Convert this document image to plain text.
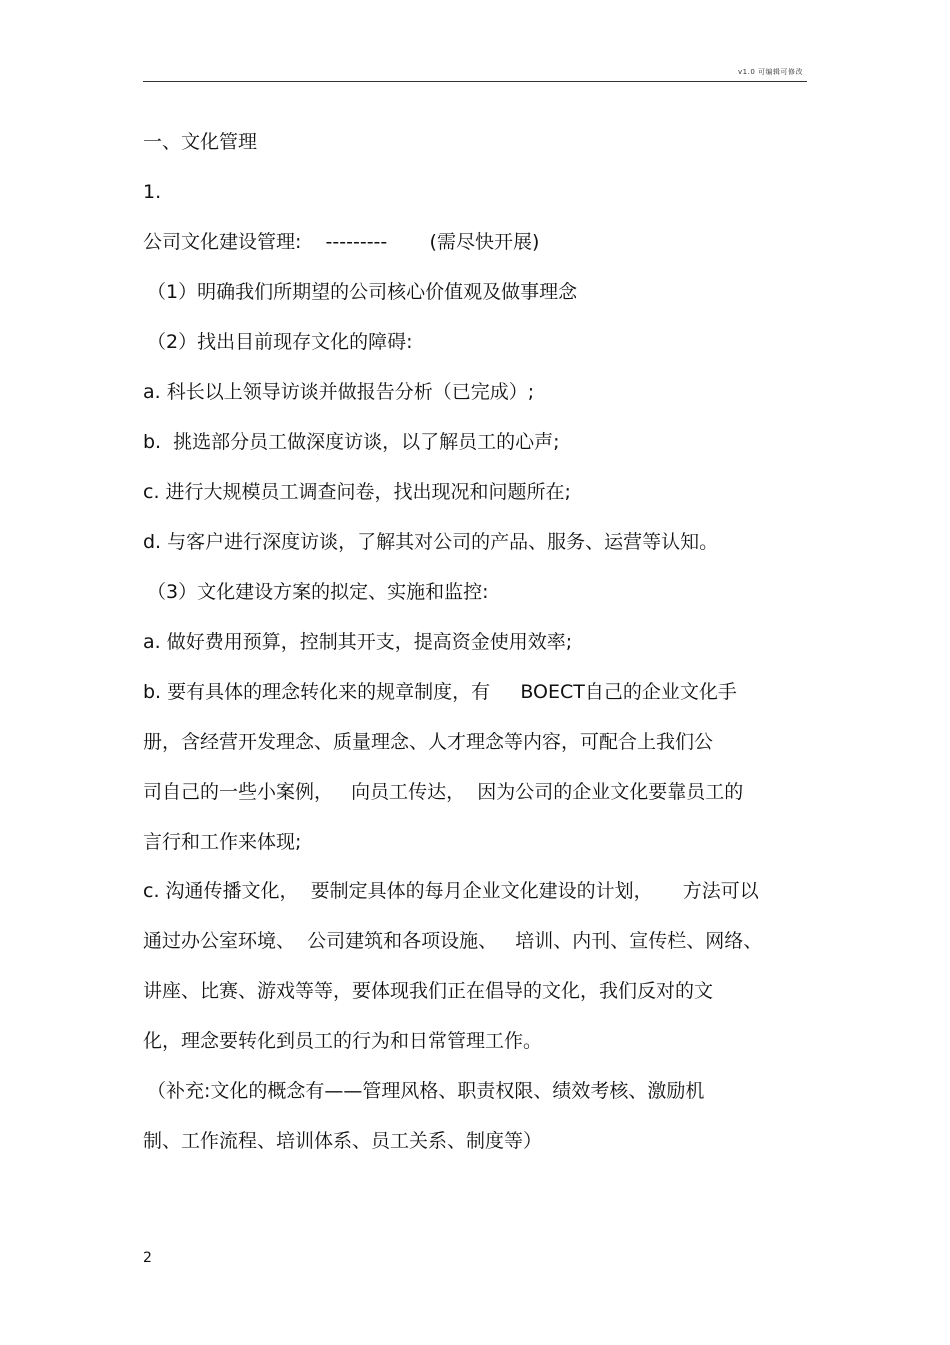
v1.0 可编辑可修改
一、文化管理
1.
公司文化建设管理:    ---------       (需尽快开展)
（1）明确我们所期望的公司核心价值观及做事理念
（2）找出目前现存文化的障碍:
a. 科长以上领导访谈并做报告分析（已完成）;
b.  挑选部分员工做深度访谈，以了解员工的心声;
c. 进行大规模员工调查问卷，找出现况和问题所在;
d. 与客户进行深度访谈，了解其对公司的产品、服务、运营等认知。
（3）文化建设方案的拟定、实施和监控:
a. 做好费用预算，控制其开支，提高资金使用效率;
b. 要有具体的理念转化来的规章制度，有     BOECT自己的企业文化手
册，含经营开发理念、质量理念、人才理念等内容，可配合上我们公
司自己的一些小案例，   向员工传达，  因为公司的企业文化要靠员工的
言行和工作来体现;
c. 沟通传播文化，  要制定具体的每月企业文化建设的计划，     方法可以
通过办公室环境、  公司建筑和各项设施、   培训、内刊、宣传栏、网络、
讲座、比赛、游戏等等，要体现我们正在倡导的文化，我们反对的文
化，理念要转化到员工的行为和日常管理工作。
（补充:文化的概念有——管理风格、职责权限、绩效考核、激励机
制、工作流程、培训体系、员工关系、制度等）
2
